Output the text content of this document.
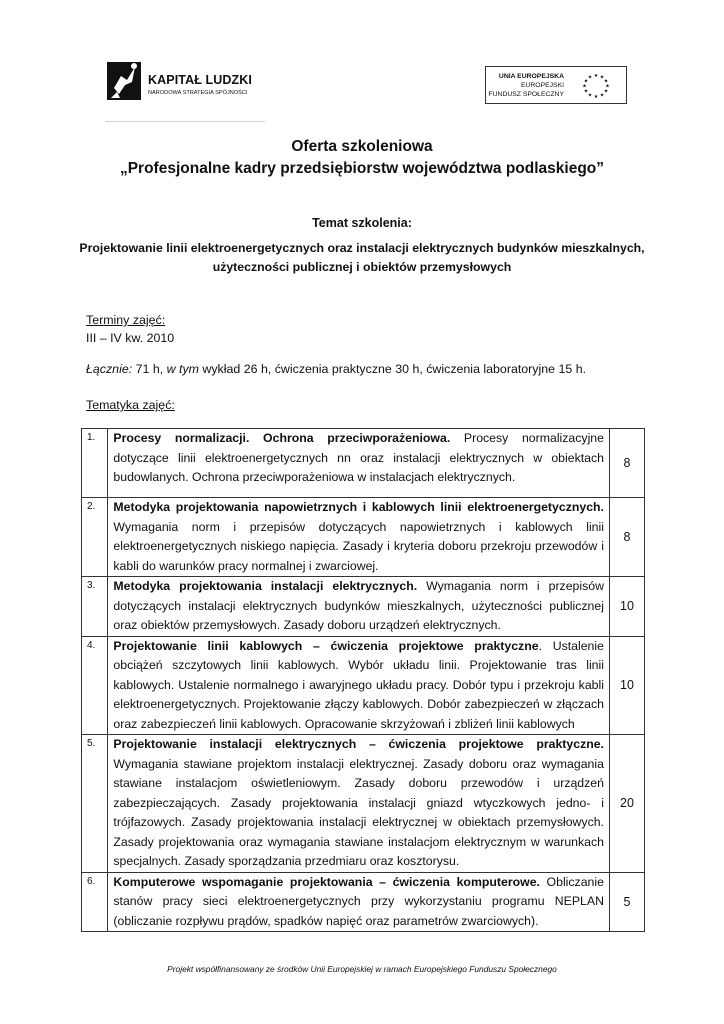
KAPITAŁ LUDZKI
NARODOWA STRATEGIA SPÓJNOŚCI
UNIA EUROPEJSKA
EUROPEJSKI
FUNDUSZ SPOŁECZNY
★ ★
★
★
★
★
★
★
★
★
★
★
Oferta szkoleniowa
„Profesjonalne kadry przedsiębiorstw województwa podlaskiego”
Temat szkolenia:
Projektowanie linii elektroenergetycznych oraz instalacji elektrycznych budynków mieszkalnych,
użyteczności publicznej i obiektów przemysłowych
Terminy zajęć:
III – IV kw. 2010
Łącznie: 71 h, w tym wykład 26 h, ćwiczenia praktyczne 30 h, ćwiczenia laboratoryjne 15 h.
Tematyka zajęć:
1.	Procesy normalizacji. Ochrona przeciwporażeniowa. Procesy normalizacyjne dotyczące linii elektroenergetycznych nn oraz instalacji elektrycznych w obiektach budowlanych. Ochrona przeciwporażeniowa w instalacjach elektrycznych.	8
2.	Metodyka projektowania napowietrznych i kablowych linii elektroenergetycznych. Wymagania norm i przepisów dotyczących napowietrznych i kablowych linii elektroenergetycznych niskiego napięcia. Zasady i kryteria doboru przekroju przewodów i kabli do warunków pracy normalnej i zwarciowej.	8
3.	Metodyka projektowania instalacji elektrycznych. Wymagania norm i przepisów dotyczących instalacji elektrycznych budynków mieszkalnych, użyteczności publicznej oraz obiektów przemysłowych. Zasady doboru urządzeń elektrycznych.	10
4.	Projektowanie linii kablowych – ćwiczenia projektowe praktyczne. Ustalenie obciążeń szczytowych linii kablowych. Wybór układu linii. Projektowanie tras linii kablowych. Ustalenie normalnego i awaryjnego układu pracy. Dobór typu i przekroju kabli elektroenergetycznych. Projektowanie złączy kablowych. Dobór zabezpieczeń w złączach oraz zabezpieczeń linii kablowych. Opracowanie skrzyżowań i zbliżeń linii kablowych	10
5.	Projektowanie instalacji elektrycznych – ćwiczenia projektowe praktyczne. Wymagania stawiane projektom instalacji elektrycznej. Zasady doboru oraz wymagania stawiane instalacjom oświetleniowym. Zasady doboru przewodów i urządzeń zabezpieczających. Zasady projektowania instalacji gniazd wtyczkowych jedno- i trójfazowych. Zasady projektowania instalacji elektrycznej w obiektach przemysłowych. Zasady projektowania oraz wymagania stawiane instalacjom elektrycznym w warunkach specjalnych. Zasady sporządzania przedmiaru oraz kosztorysu.	20
6.	Komputerowe wspomaganie projektowania – ćwiczenia komputerowe. Obliczanie stanów pracy sieci elektroenergetycznych przy wykorzystaniu programu NEPLAN (obliczanie rozpływu prądów, spadków napięć oraz parametrów zwarciowych).	5
Projekt współfinansowany ze środków Unii Europejskiej w ramach Europejskiego Funduszu Społecznego
